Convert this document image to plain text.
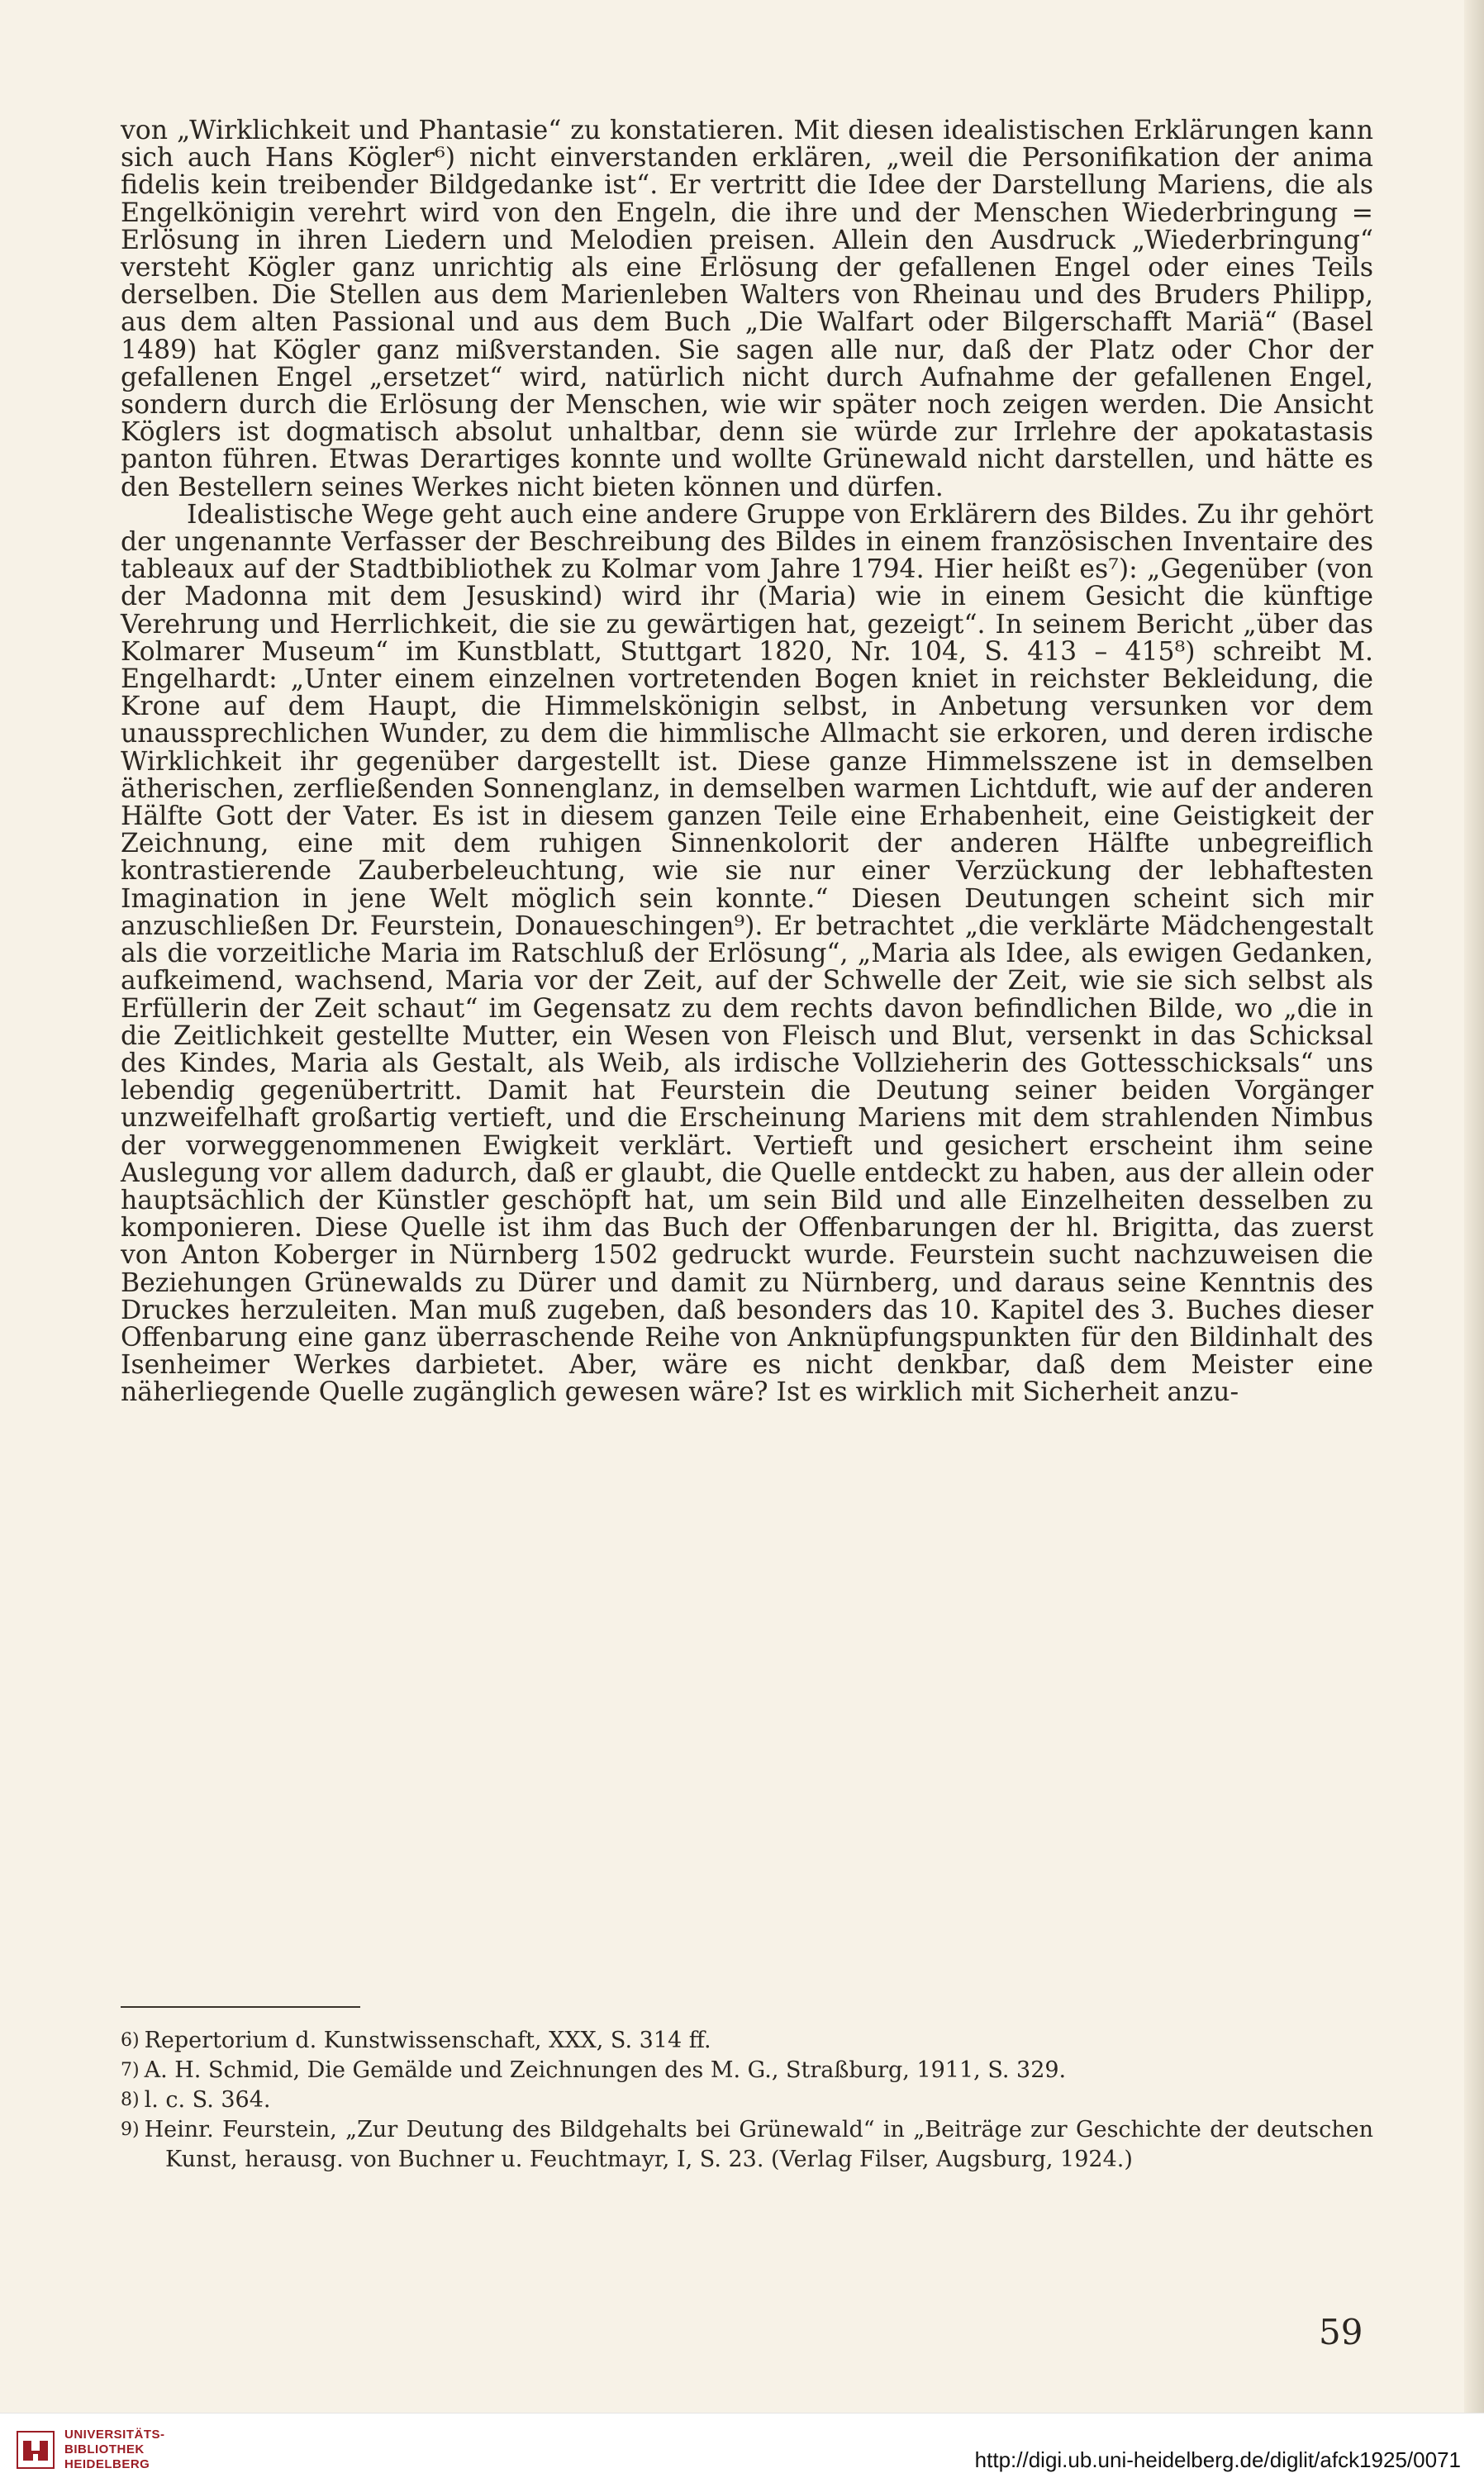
von „Wirklichkeit und Phantasie“ zu konstatieren. Mit diesen idealistischen Erklärungen kann sich auch Hans Kögler⁶) nicht einverstanden erklären, „weil die Personifikation der anima fidelis kein treibender Bildgedanke ist“. Er vertritt die Idee der Darstellung Mariens, die als Engelkönigin verehrt wird von den Engeln, die ihre und der Menschen Wiederbringung = Erlösung in ihren Liedern und Melodien preisen. Allein den Ausdruck „Wiederbringung“ versteht Kögler ganz unrichtig als eine Erlösung der gefallenen Engel oder eines Teils derselben. Die Stellen aus dem Marienleben Walters von Rheinau und des Bruders Philipp, aus dem alten Passional und aus dem Buch „Die Walfart oder Bilgerschafft Mariä“ (Basel 1489) hat Kögler ganz mißverstanden. Sie sagen alle nur, daß der Platz oder Chor der gefallenen Engel „ersetzet“ wird, natürlich nicht durch Aufnahme der gefallenen Engel, sondern durch die Erlösung der Menschen, wie wir später noch zeigen werden. Die Ansicht Köglers ist dogmatisch absolut unhaltbar, denn sie würde zur Irrlehre der apokatastasis panton führen. Etwas Derartiges konnte und wollte Grünewald nicht darstellen, und hätte es den Bestellern seines Werkes nicht bieten können und dürfen.

Idealistische Wege geht auch eine andere Gruppe von Erklärern des Bildes. Zu ihr gehört der ungenannte Verfasser der Beschreibung des Bildes in einem französischen Inventaire des tableaux auf der Stadtbibliothek zu Kolmar vom Jahre 1794. Hier heißt es⁷): „Gegenüber (von der Madonna mit dem Jesuskind) wird ihr (Maria) wie in einem Gesicht die künftige Verehrung und Herrlichkeit, die sie zu gewärtigen hat, gezeigt“. In seinem Bericht „über das Kolmarer Museum“ im Kunstblatt, Stuttgart 1820, Nr. 104, S. 413 – 415⁸) schreibt M. Engelhardt: „Unter einem einzelnen vortretenden Bogen kniet in reichster Bekleidung, die Krone auf dem Haupt, die Himmelskönigin selbst, in Anbetung versunken vor dem unaussprechlichen Wunder, zu dem die himmlische Allmacht sie erkoren, und deren irdische Wirklichkeit ihr gegenüber dargestellt ist. Diese ganze Himmelsszene ist in demselben ätherischen, zerfließenden Sonnenglanz, in demselben warmen Lichtduft, wie auf der anderen Hälfte Gott der Vater. Es ist in diesem ganzen Teile eine Erhabenheit, eine Geistigkeit der Zeichnung, eine mit dem ruhigen Sinnenkolorit der anderen Hälfte unbegreiflich kontrastierende Zauberbeleuchtung, wie sie nur einer Verzückung der lebhaftesten Imagination in jene Welt möglich sein konnte.“ Diesen Deutungen scheint sich mir anzuschließen Dr. Feurstein, Donaueschingen⁹). Er betrachtet „die verklärte Mädchengestalt als die vorzeitliche Maria im Ratschluß der Erlösung“, „Maria als Idee, als ewigen Gedanken, aufkeimend, wachsend, Maria vor der Zeit, auf der Schwelle der Zeit, wie sie sich selbst als Erfüllerin der Zeit schaut“ im Gegensatz zu dem rechts davon befindlichen Bilde, wo „die in die Zeitlichkeit gestellte Mutter, ein Wesen von Fleisch und Blut, versenkt in das Schicksal des Kindes, Maria als Gestalt, als Weib, als irdische Vollzieherin des Gottesschicksals“ uns lebendig gegenübertritt. Damit hat Feurstein die Deutung seiner beiden Vorgänger unzweifelhaft großartig vertieft, und die Erscheinung Mariens mit dem strahlenden Nimbus der vorweggenommenen Ewigkeit verklärt. Vertieft und gesichert erscheint ihm seine Auslegung vor allem dadurch, daß er glaubt, die Quelle entdeckt zu haben, aus der allein oder hauptsächlich der Künstler geschöpft hat, um sein Bild und alle Einzelheiten desselben zu komponieren. Diese Quelle ist ihm das Buch der Offenbarungen der hl. Brigitta, das zuerst von Anton Koberger in Nürnberg 1502 gedruckt wurde. Feurstein sucht nachzuweisen die Beziehungen Grünewalds zu Dürer und damit zu Nürnberg, und daraus seine Kenntnis des Druckes herzuleiten. Man muß zugeben, daß besonders das 10. Kapitel des 3. Buches dieser Offenbarung eine ganz überraschende Reihe von Anknüpfungspunkten für den Bildinhalt des Isenheimer Werkes darbietet. Aber, wäre es nicht denkbar, daß dem Meister eine näherliegende Quelle zugänglich gewesen wäre? Ist es wirklich mit Sicherheit anzu-

$^{6)}$ Repertorium d. Kunstwissenschaft, XXX, S. 314 ff.

$^{7)}$ A. H. Schmid, Die Gemälde und Zeichnungen des M. G., Straßburg, 1911, S. 329.

$^{8)}$ l. c. S. 364.

$^{9)}$ Heinr. Feurstein, „Zur Deutung des Bildgehalts bei Grünewald“ in „Beiträge zur Geschichte der deutschen Kunst, herausg. von Buchner u. Feuchtmayr, I, S. 23. (Verlag Filser, Augsburg, 1924.)

59
UNIVERSITÄTS-
BIBLIOTHEK
HEIDELBERG	http://digi.ub.uni-heidelberg.de/diglit/afck1925/0071
